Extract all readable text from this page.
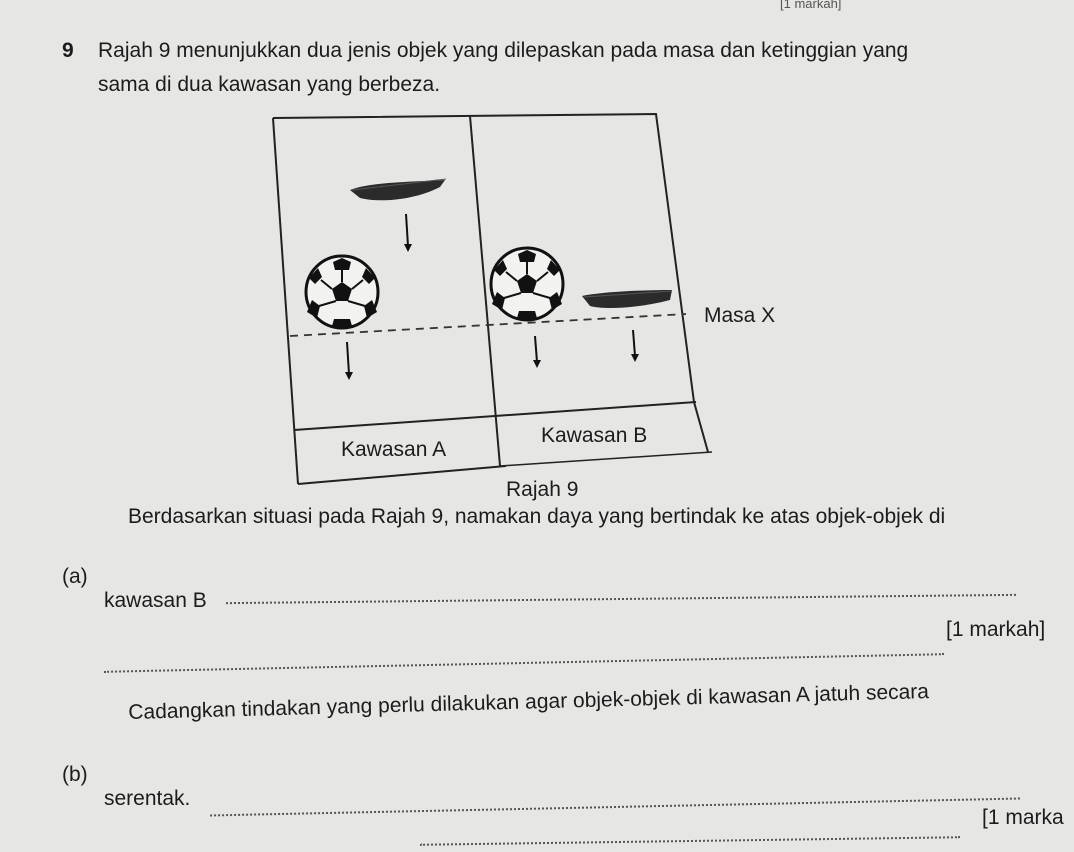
[1 markah]
9 Rajah 9 menunjukkan dua jenis objek yang dilepaskan pada masa dan ketinggian yang
sama di dua kawasan yang berbeza.
Masa X
Kawasan A
Kawasan B
Rajah 9
(a)
Berdasarkan situasi pada Rajah 9, namakan daya yang bertindak ke atas objek-objek di
kawasan B
[1 markah]
(b)
Cadangkan tindakan yang perlu dilakukan agar objek-objek di kawasan A jatuh secara
serentak.
[1 marka
